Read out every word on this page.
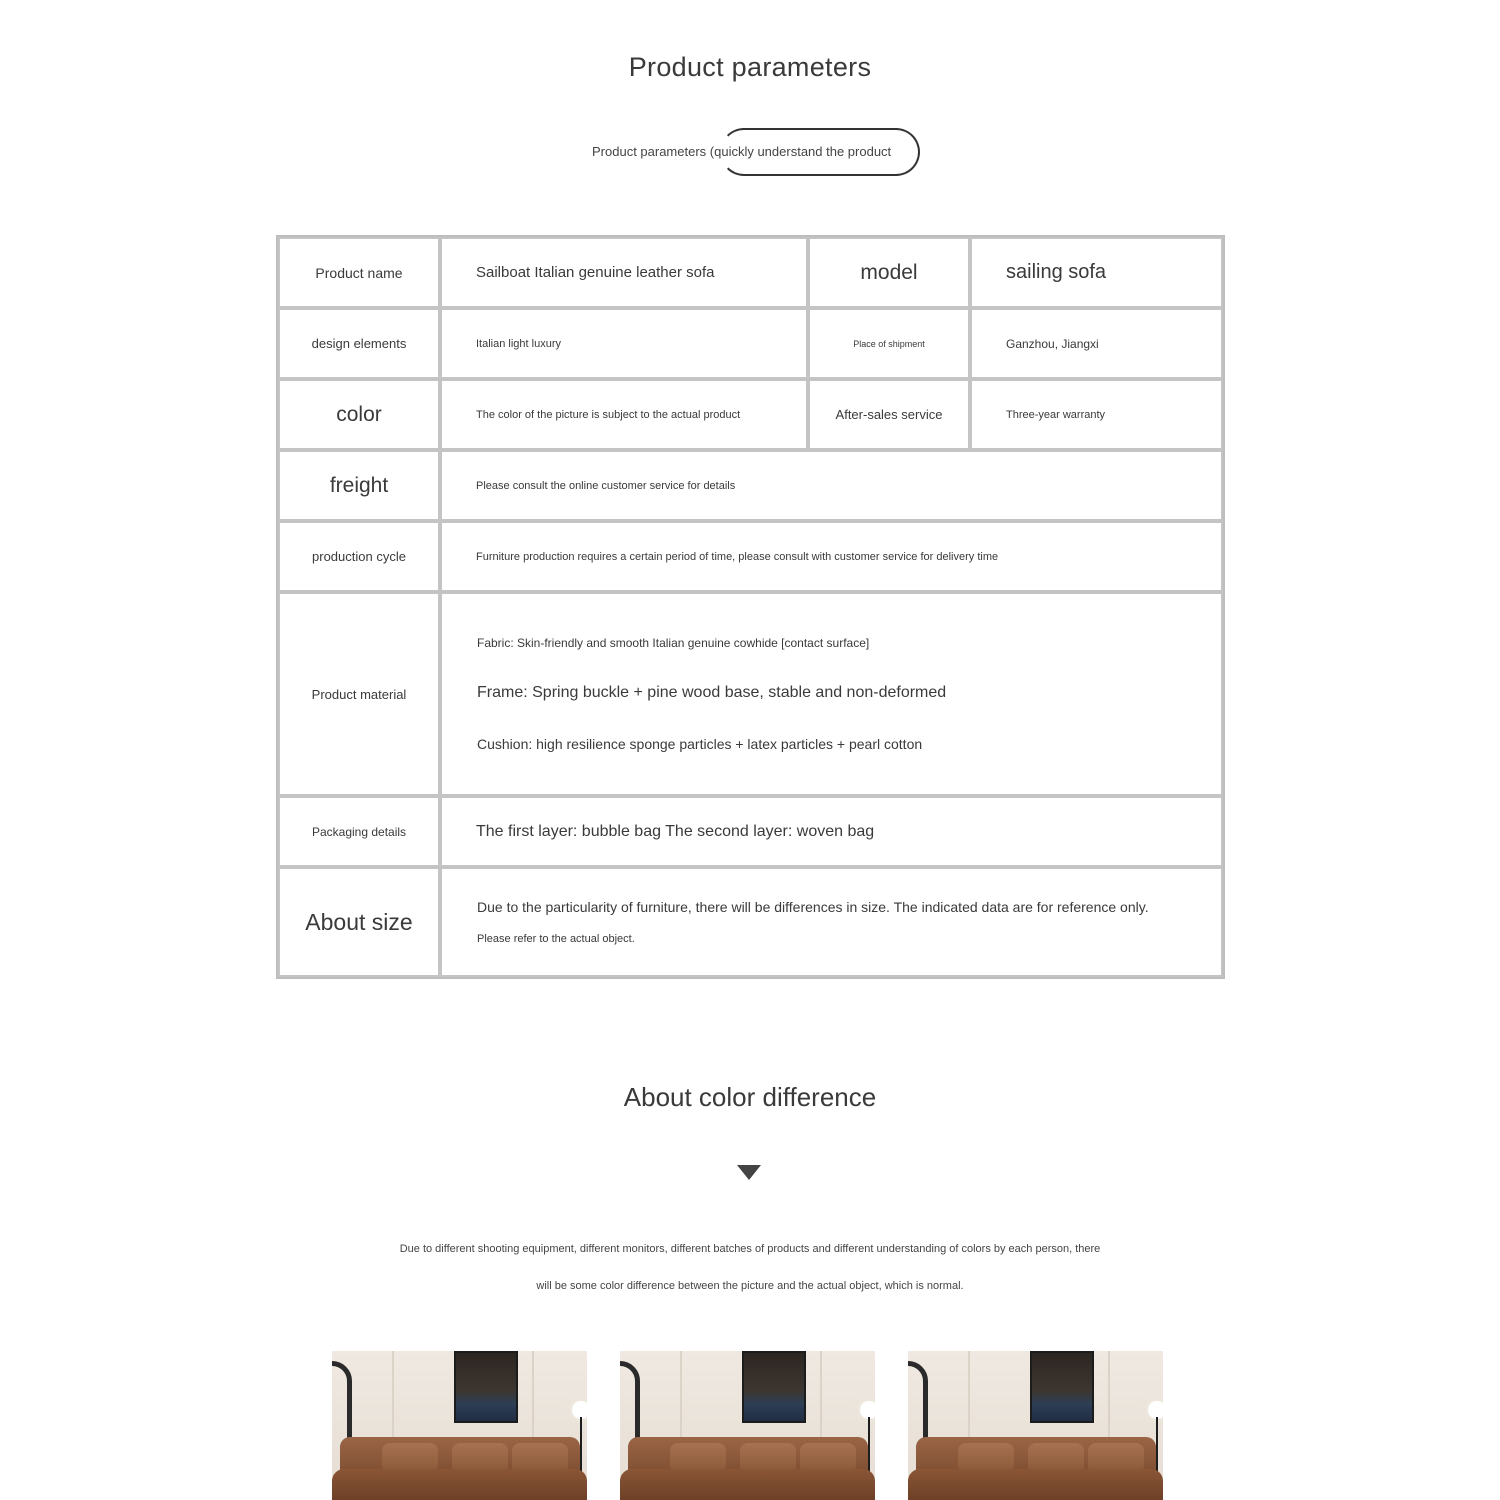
Product parameters
Product parameters (quickly understand the product
Product name	Sailboat Italian genuine leather sofa	model	sailing sofa
design elements	Italian light luxury	Place of shipment	Ganzhou, Jiangxi
color	The color of the picture is subject to the actual product	After-sales service	Three-year warranty
freight	Please consult the online customer service for details		
production cycle	Furniture production requires a certain period of time, please consult with customer service for delivery time		
Product material	Fabric: Skin-friendly and smooth Italian genuine cowhide [contact surface]

Frame: Spring buckle + pine wood base, stable and non-deformed

Cushion: high resilience sponge particles + latex particles + pearl cotton		

Packaging details	The first layer: bubble bag The second layer: woven bag		
About size	Due to the particularity of furniture, there will be differences in size. The indicated data are for reference only.

Please refer to the actual object.		

About color difference
Due to different shooting equipment, different monitors, different batches of products and different understanding of colors by each person, there
will be some color difference between the picture and the actual object, which is normal.
